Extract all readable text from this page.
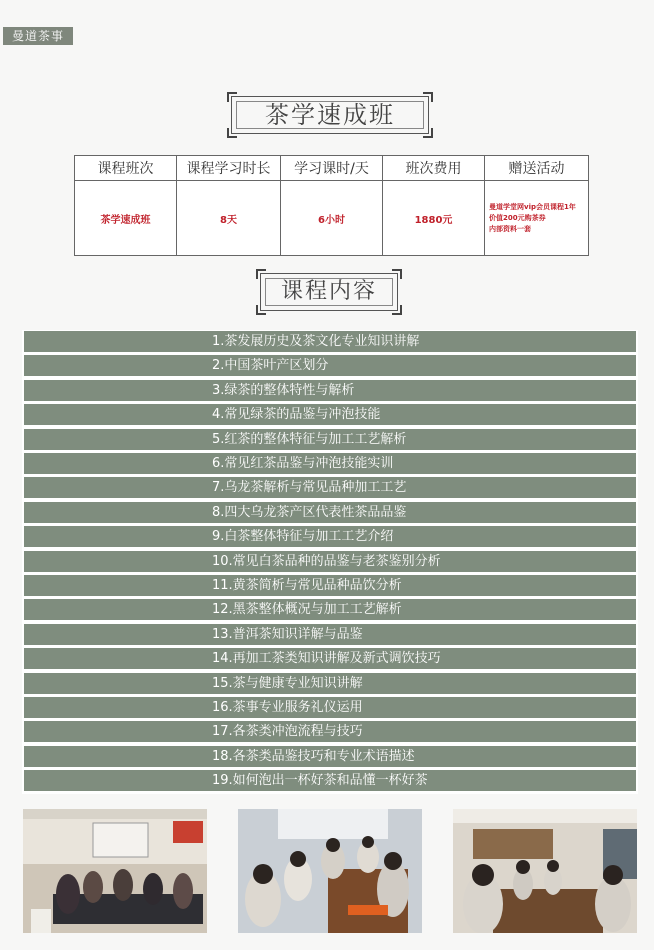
曼道茶事
茶学速成班
课程班次	课程学习时长	学习课时/天	班次费用	赠送活动
茶学速成班	8天	6小时	1880元	曼道学堂网vip会员课程1年
价值200元购茶券
内部资料一套
课程内容
1.茶发展历史及茶文化专业知识讲解
2.中国茶叶产区划分
3.绿茶的整体特性与解析
4.常见绿茶的品鉴与冲泡技能
5.红茶的整体特征与加工工艺解析
6.常见红茶品鉴与冲泡技能实训
7.乌龙茶解析与常见品种加工工艺
8.四大乌龙茶产区代表性茶品品鉴
9.白茶整体特征与加工工艺介绍
10.常见白茶品种的品鉴与老茶鉴别分析
11.黄茶简析与常见品种品饮分析
12.黑茶整体概况与加工工艺解析
13.普洱茶知识详解与品鉴
14.再加工茶类知识讲解及新式调饮技巧
15.茶与健康专业知识讲解
16.茶事专业服务礼仪运用
17.各茶类冲泡流程与技巧
18.各茶类品鉴技巧和专业术语描述
19.如何泡出一杯好茶和品懂一杯好茶
